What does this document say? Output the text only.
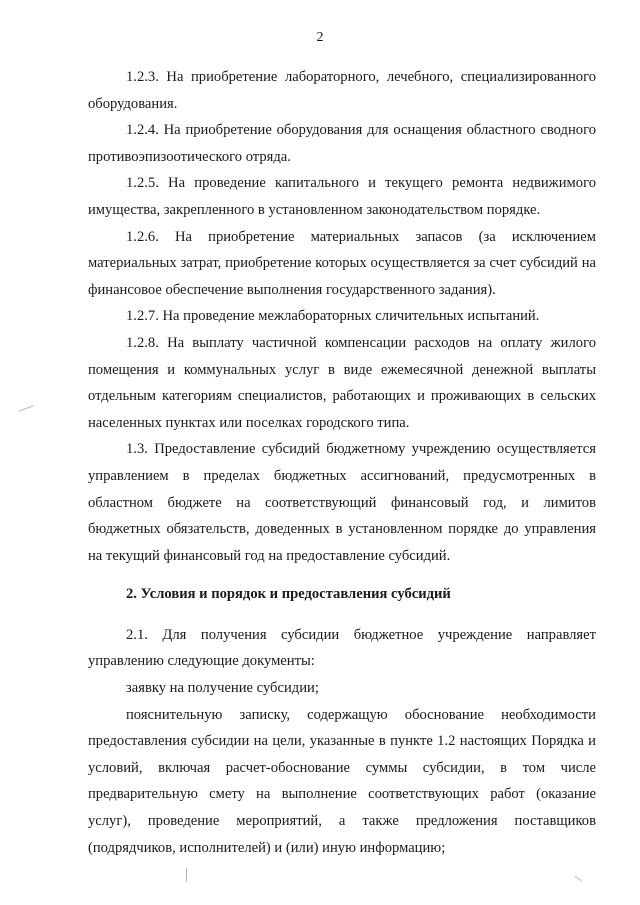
2

1.2.3. На приобретение лабораторного, лечебного, специализированного оборудования.

1.2.4. На приобретение оборудования для оснащения областного сводного противоэпизоотического отряда.

1.2.5. На проведение капитального и текущего ремонта недвижимого имущества, закрепленного в установленном законодательством порядке.

1.2.6. На приобретение материальных запасов (за исключением материальных затрат, приобретение которых осуществляется за счет субсидий на финансовое обеспечение выполнения государственного задания).

1.2.7. На проведение межлабораторных сличительных испытаний.

1.2.8. На выплату частичной компенсации расходов на оплату жилого помещения и коммунальных услуг в виде ежемесячной денежной выплаты отдельным категориям специалистов, работающих и проживающих в сельских населенных пунктах или поселках городского типа.

1.3. Предоставление субсидий бюджетному учреждению осуществляется управлением в пределах бюджетных ассигнований, предусмотренных в областном бюджете на соответствующий финансовый год, и лимитов бюджетных обязательств, доведенных в установленном порядке до управления на текущий финансовый год на предоставление субсидий.

2. Условия и порядок и предоставления субсидий

2.1. Для получения субсидии бюджетное учреждение направляет управлению следующие документы:

заявку на получение субсидии;

пояснительную записку, содержащую обоснование необходимости предоставления субсидии на цели, указанные в пункте 1.2 настоящих Порядка и условий, включая расчет-обоснование суммы субсидии, в том числе предварительную смету на выполнение соответствующих работ (оказание услуг), проведение мероприятий, а также предложения поставщиков (подрядчиков, исполнителей) и (или) иную информацию;
